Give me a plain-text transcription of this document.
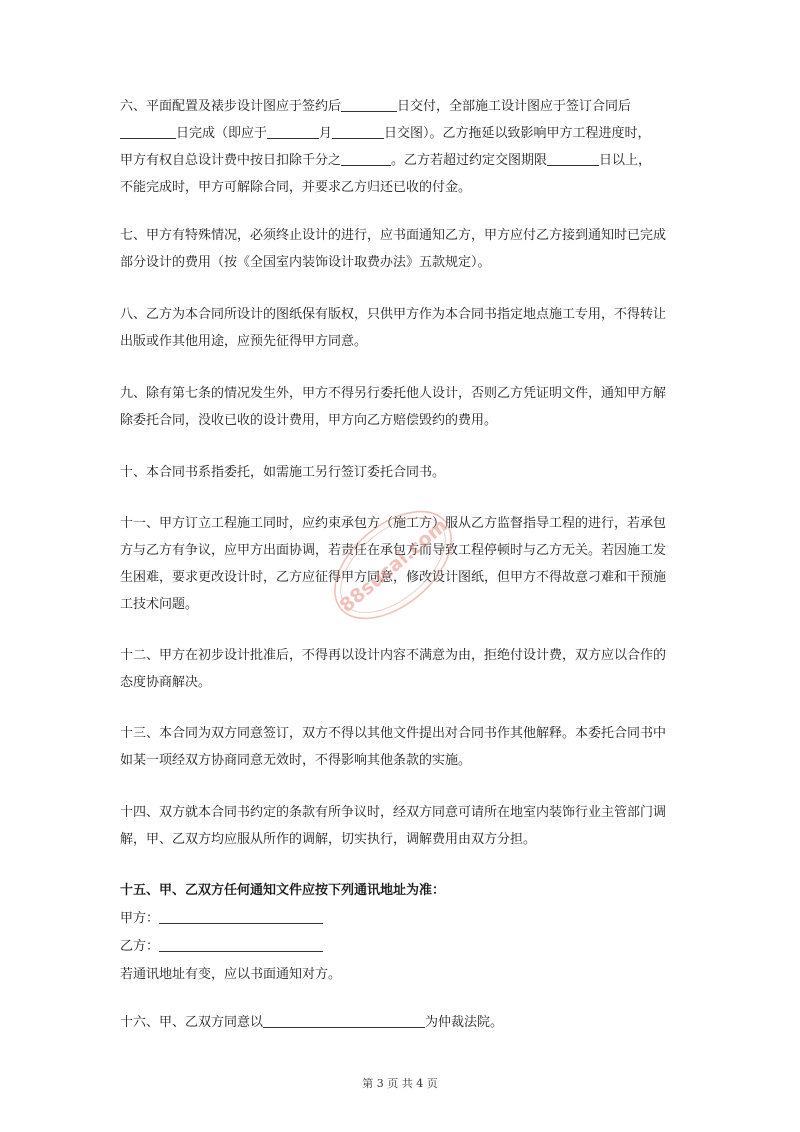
六、平面配置及裱步设计图应于签约后	日交付，全部施工设计图应于签订合同后
日完成（即应于	月	日交图）。乙方拖延以致影响甲方工程进度时，
甲方有权自总设计费中按日扣除千分之	。乙方若超过约定交图期限	日以上，
不能完成时，甲方可解除合同，并要求乙方归还已收的付金。
七、甲方有特殊情况，必须终止设计的进行，应书面通知乙方，甲方应付乙方接到通知时已完成
部分设计的费用（按《全国室内装饰设计取费办法》五款规定）。
八、乙方为本合同所设计的图纸保有版权，只供甲方作为本合同书指定地点施工专用，不得转让
出版或作其他用途，应预先征得甲方同意。
九、除有第七条的情况发生外，甲方不得另行委托他人设计，否则乙方凭证明文件，通知甲方解
除委托合同，没收已收的设计费用，甲方向乙方赔偿毁约的费用。
十、本合同书系指委托，如需施工另行签订委托合同书。
十一、甲方订立工程施工同时，应约束承包方（施工方）服从乙方监督指导工程的进行，若承包
方与乙方有争议，应甲方出面协调，若责任在承包方而导致工程停顿时与乙方无关。若因施工发
生困难，要求更改设计时，乙方应征得甲方同意，修改设计图纸，但甲方不得故意刁难和干预施
工技术问题。
十二、甲方在初步设计批准后，不得再以设计内容不满意为由，拒绝付设计费，双方应以合作的
态度协商解决。
十三、本合同为双方同意签订，双方不得以其他文件提出对合同书作其他解释。本委托合同书中
如某一项经双方协商同意无效时，不得影响其他条款的实施。
十四、双方就本合同书约定的条款有所争议时，经双方同意可请所在地室内装饰行业主管部门调
解，甲、乙双方均应服从所作的调解，切实执行，调解费用由双方分担。
十五、甲、乙双方任何通知文件应按下列通讯地址为准：
甲方：
乙方：
若通讯地址有变，应以书面通知对方。
十六、甲、乙双方同意以	为仲裁法院。
88sucai.com
第 3 页 共 4 页
